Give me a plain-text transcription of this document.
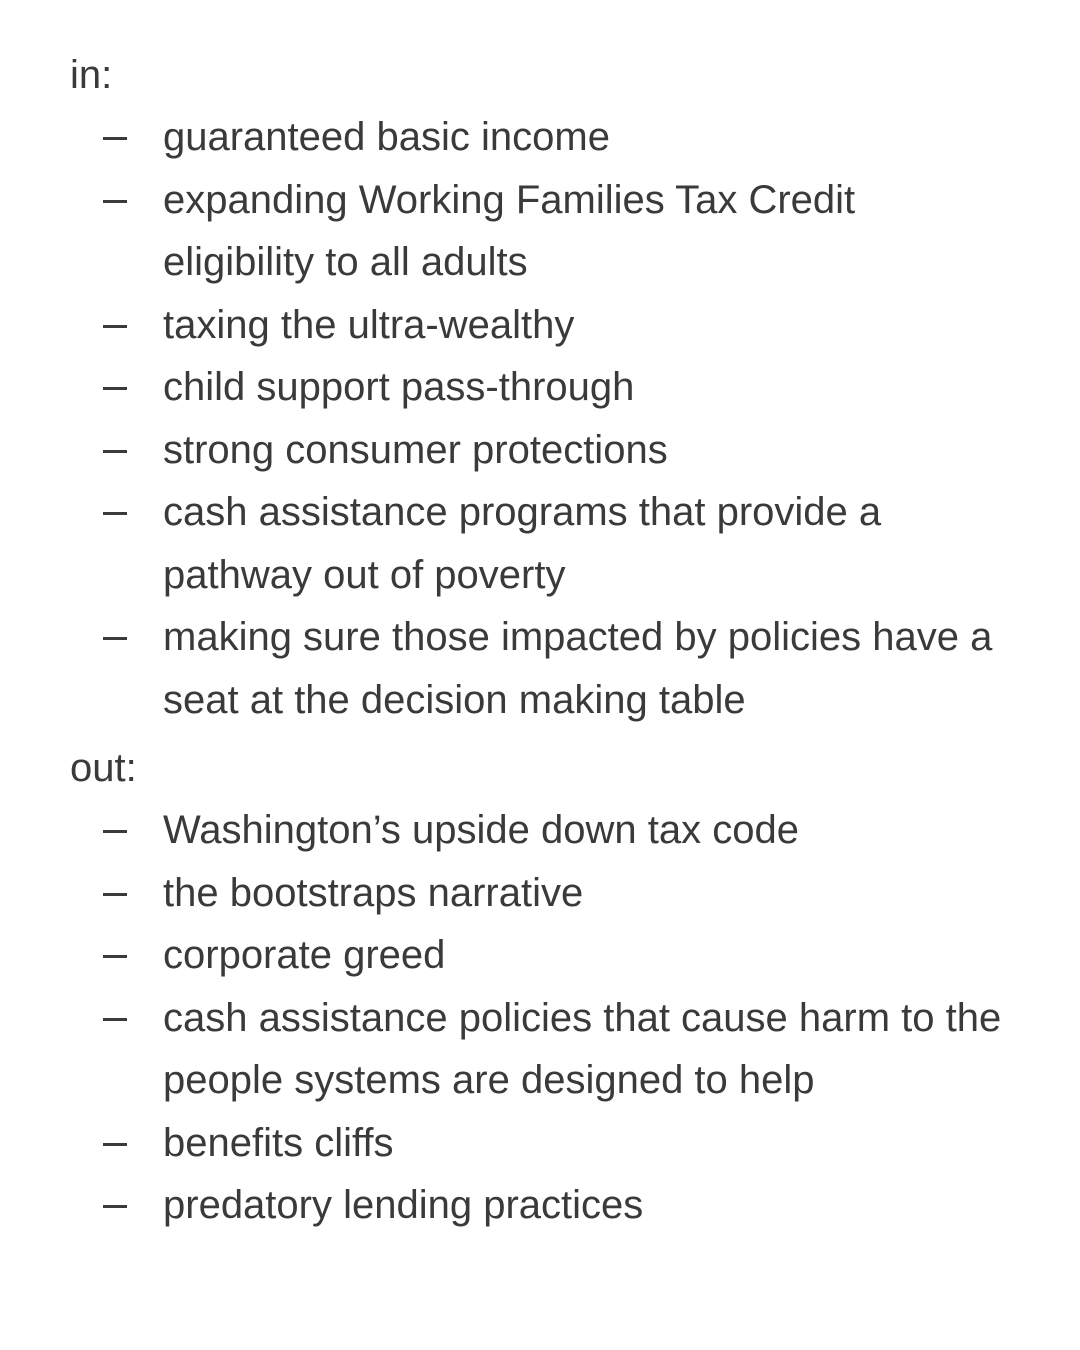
in:

guaranteed basic income
expanding Working Families Tax Credit eligibility to all adults
taxing the ultra-wealthy
child support pass-through
strong consumer protections
cash assistance programs that provide a pathway out of poverty
making sure those impacted by policies have a seat at the decision making table

out:

Washington’s upside down tax code
the bootstraps narrative
corporate greed
cash assistance policies that cause harm to the people systems are designed to help
benefits cliffs
predatory lending practices
